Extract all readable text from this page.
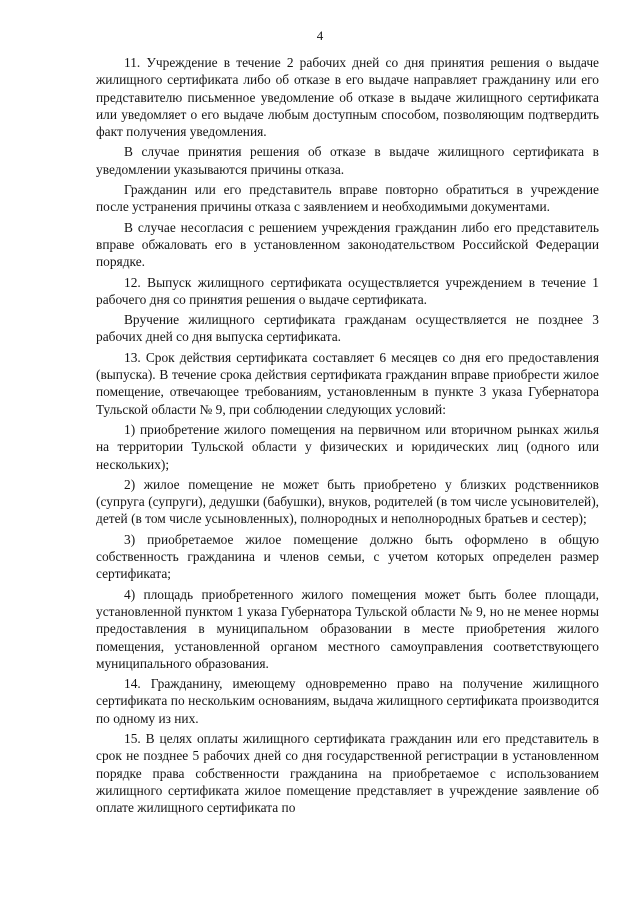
4

11. Учреждение в течение 2 рабочих дней со дня принятия решения о выдаче жилищного сертификата либо об отказе в его выдаче направляет гражданину или его представителю письменное уведомление об отказе в выдаче жилищного сертификата или уведомляет о его выдаче любым доступным способом, позволяющим подтвердить факт получения уведомления.

В случае принятия решения об отказе в выдаче жилищного сертификата в уведомлении указываются причины отказа.

Гражданин или его представитель вправе повторно обратиться в учреждение после устранения причины отказа с заявлением и необходимыми документами.

В случае несогласия с решением учреждения гражданин либо его представитель вправе обжаловать его в установленном законодательством Российской Федерации порядке.

12. Выпуск жилищного сертификата осуществляется учреждением в течение 1 рабочего дня со принятия решения о выдаче сертификата.

Вручение жилищного сертификата гражданам осуществляется не позднее 3 рабочих дней со дня выпуска сертификата.

13. Срок действия сертификата составляет 6 месяцев со дня его предоставления (выпуска). В течение срока действия сертификата гражданин вправе приобрести жилое помещение, отвечающее требованиям, установленным в пункте 3 указа Губернатора Тульской области № 9, при соблюдении следующих условий:

1) приобретение жилого помещения на первичном или вторичном рынках жилья на территории Тульской области у физических и юридических лиц (одного или нескольких);

2) жилое помещение не может быть приобретено у близких родственников (супруга (супруги), дедушки (бабушки), внуков, родителей (в том числе усыновителей), детей (в том числе усыновленных), полнородных и неполнородных братьев и сестер);

3) приобретаемое жилое помещение должно быть оформлено в общую собственность гражданина и членов семьи, с учетом которых определен размер сертификата;

4) площадь приобретенного жилого помещения может быть более площади, установленной пунктом 1 указа Губернатора Тульской области № 9, но не менее нормы предоставления в муниципальном образовании в месте приобретения жилого помещения, установленной органом местного самоуправления соответствующего муниципального образования.

14. Гражданину, имеющему одновременно право на получение жилищного сертификата по нескольким основаниям, выдача жилищного сертификата производится по одному из них.

15. В целях оплаты жилищного сертификата гражданин или его представитель в срок не позднее 5 рабочих дней со дня государственной регистрации в установленном порядке права собственности гражданина на приобретаемое с использованием жилищного сертификата жилое помещение представляет в учреждение заявление об оплате жилищного сертификата по
